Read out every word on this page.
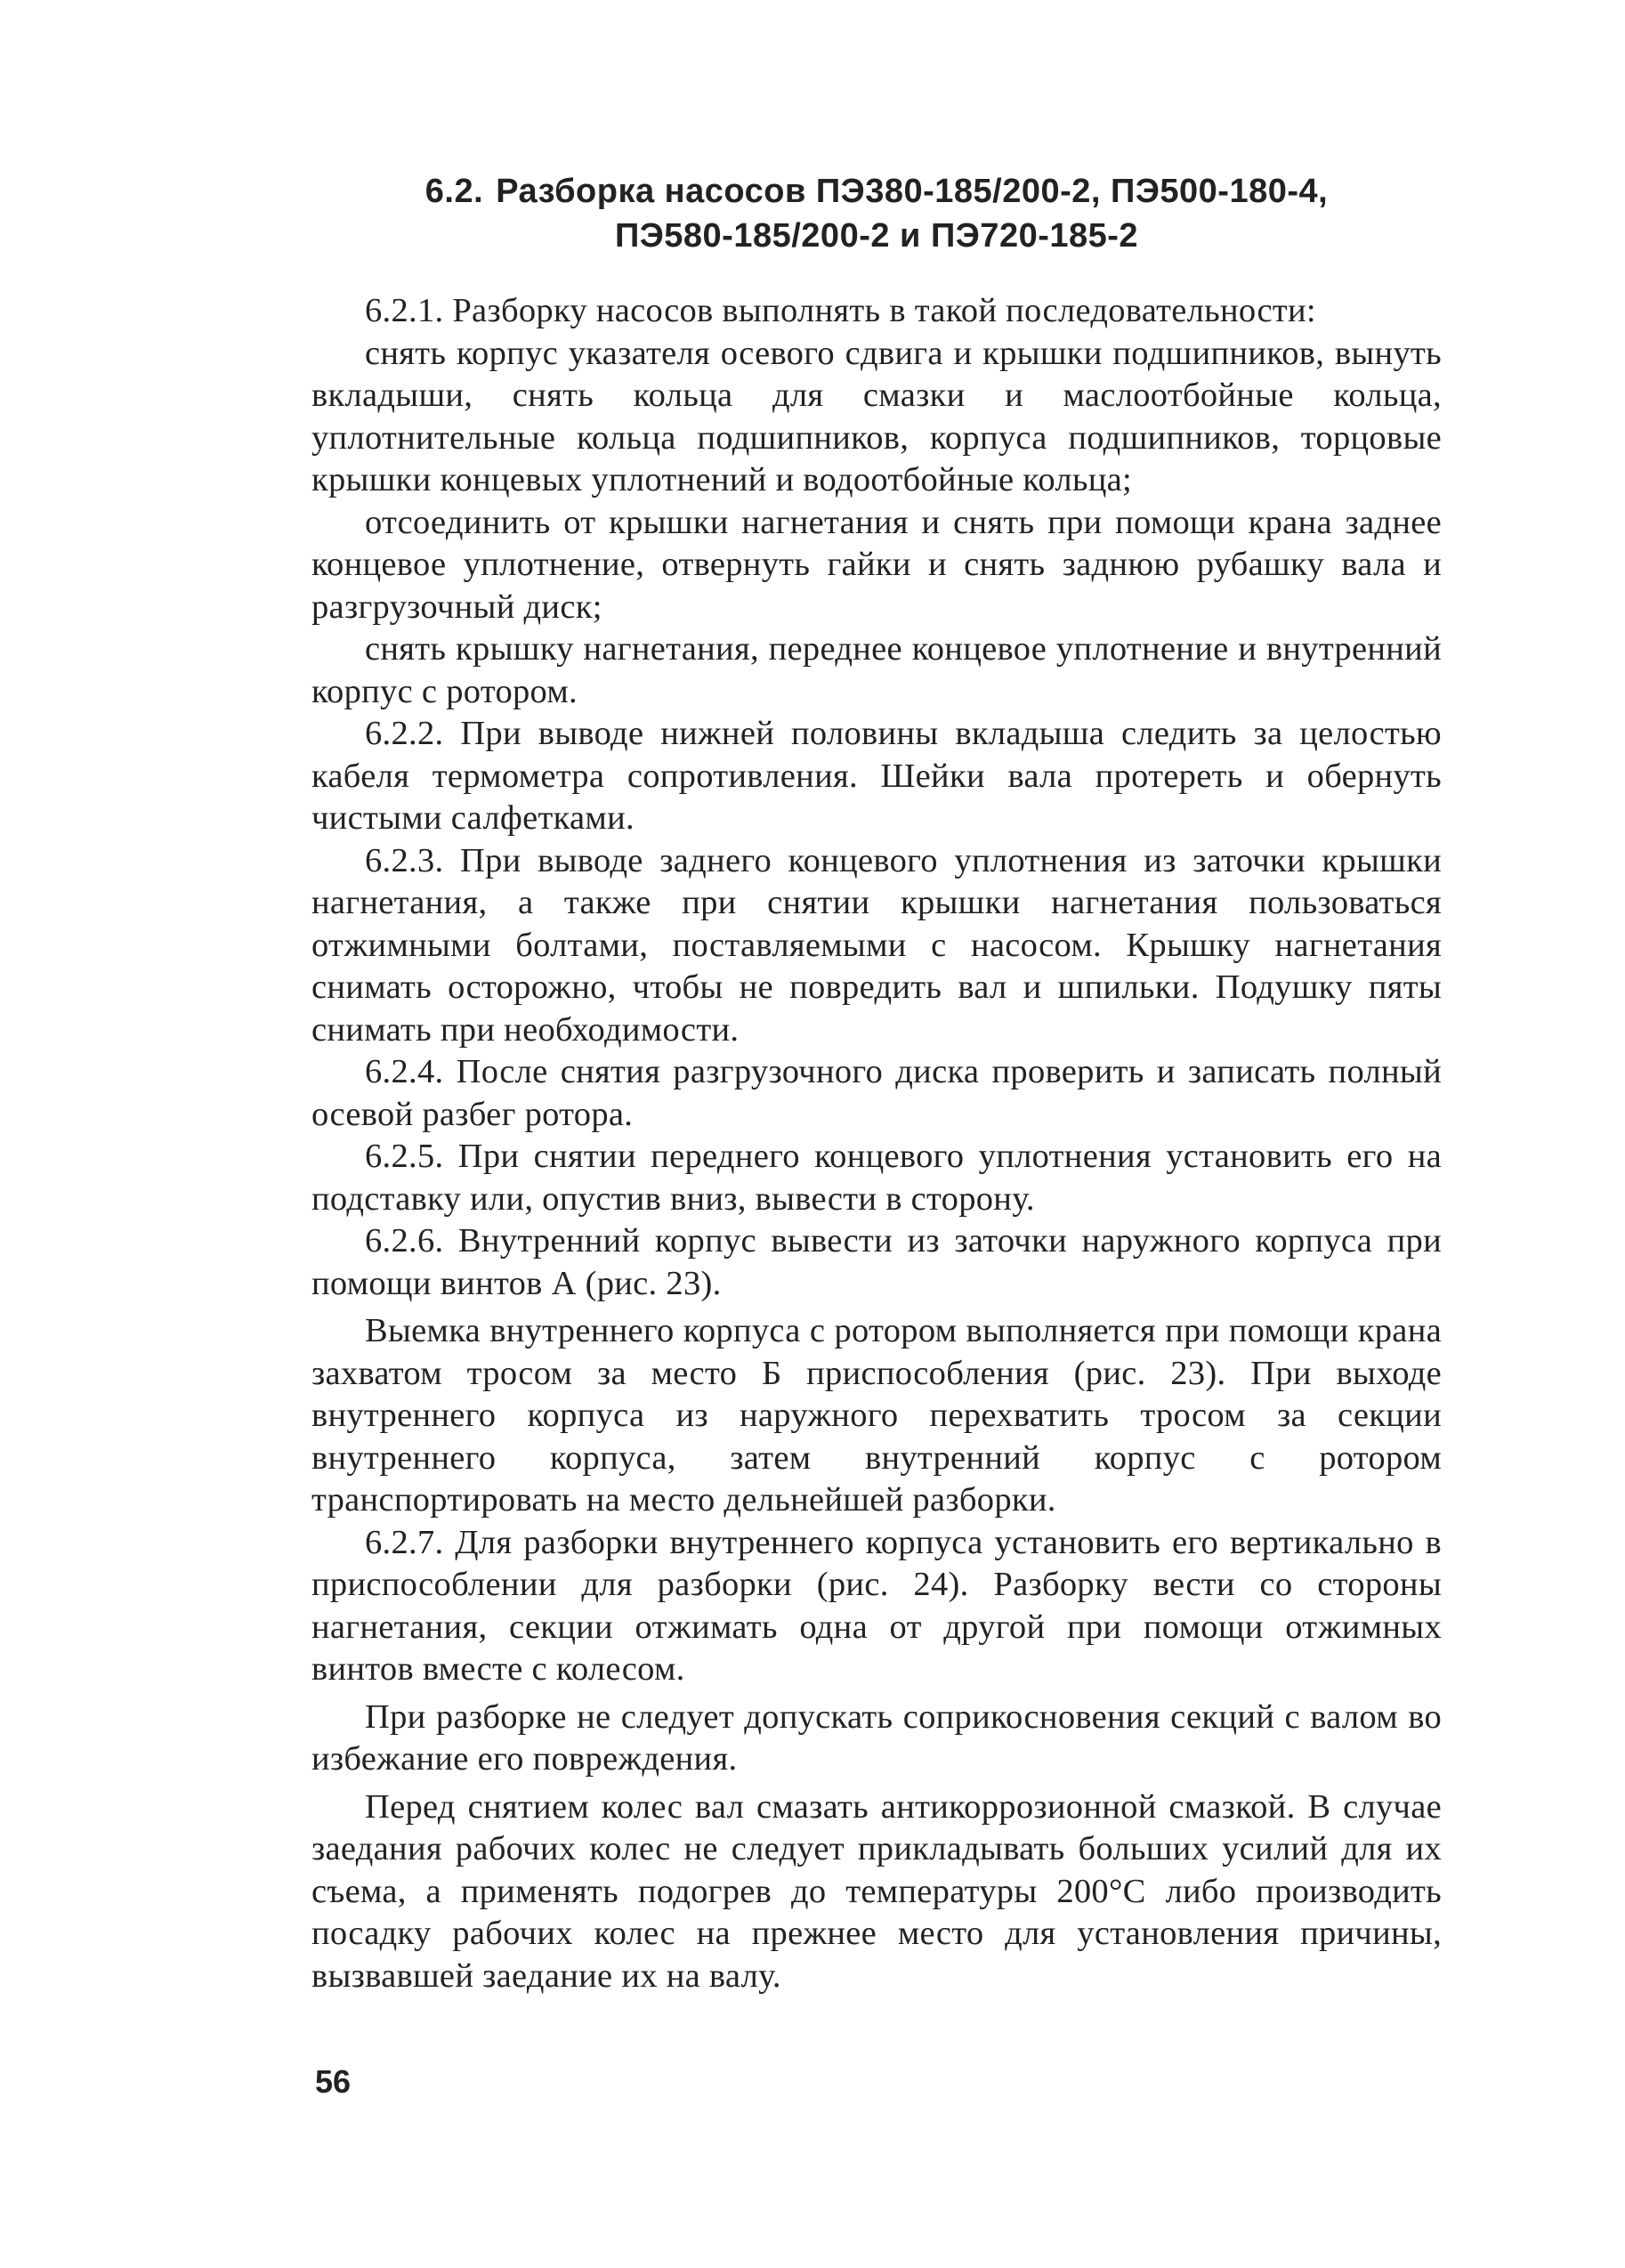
6.2. Разборка насосов ПЭ380-185/200-2, ПЭ500-180-4,
ПЭ580-185/200-2 и ПЭ720-185-2

6.2.1. Разборку насосов выполнять в такой последовательности:

снять корпус указателя осевого сдвига и крышки подшипников, вынуть вкладыши, снять кольца для смазки и маслоотбойные кольца, уплотнительные кольца подшипников, корпуса подшипников, торцовые крышки концевых уплотнений и водоотбойные кольца;

отсоединить от крышки нагнетания и снять при помощи крана заднее концевое уплотнение, отвернуть гайки и снять заднюю рубашку вала и разгрузочный диск;

снять крышку нагнетания, переднее концевое уплотнение и внутренний корпус с ротором.

6.2.2. При выводе нижней половины вкладыша следить за целостью кабеля термометра сопротивления. Шейки вала протереть и обернуть чистыми салфетками.

6.2.3. При выводе заднего концевого уплотнения из заточки крышки нагнетания, а также при снятии крышки нагнетания пользоваться отжимными болтами, поставляемыми с насосом. Крышку нагнетания снимать осторожно, чтобы не повредить вал и шпильки. Подушку пяты снимать при необходимости.

6.2.4. После снятия разгрузочного диска проверить и записать полный осевой разбег ротора.

6.2.5. При снятии переднего концевого уплотнения установить его на подставку или, опустив вниз, вывести в сторону.

6.2.6. Внутренний корпус вывести из заточки наружного корпуса при помощи винтов А (рис. 23).

Выемка внутреннего корпуса с ротором выполняется при помощи крана захватом тросом за место Б приспособления (рис. 23). При выходе внутреннего корпуса из наружного перехватить тросом за секции внутреннего корпуса, затем внутренний корпус с ротором транспортировать на место дельнейшей разборки.

6.2.7. Для разборки внутреннего корпуса установить его вертикально в приспособлении для разборки (рис. 24). Разборку вести со стороны нагнетания, секции отжимать одна от другой при помощи отжимных винтов вместе с колесом.

При разборке не следует допускать соприкосновения секций с валом во избежание его повреждения.

Перед снятием колес вал смазать антикоррозионной смазкой. В случае заедания рабочих колес не следует прикладывать больших усилий для их съема, а применять подогрев до температуры 200°С либо производить посадку рабочих колес на прежнее место для установления причины, вызвавшей заедание их на валу.

56
